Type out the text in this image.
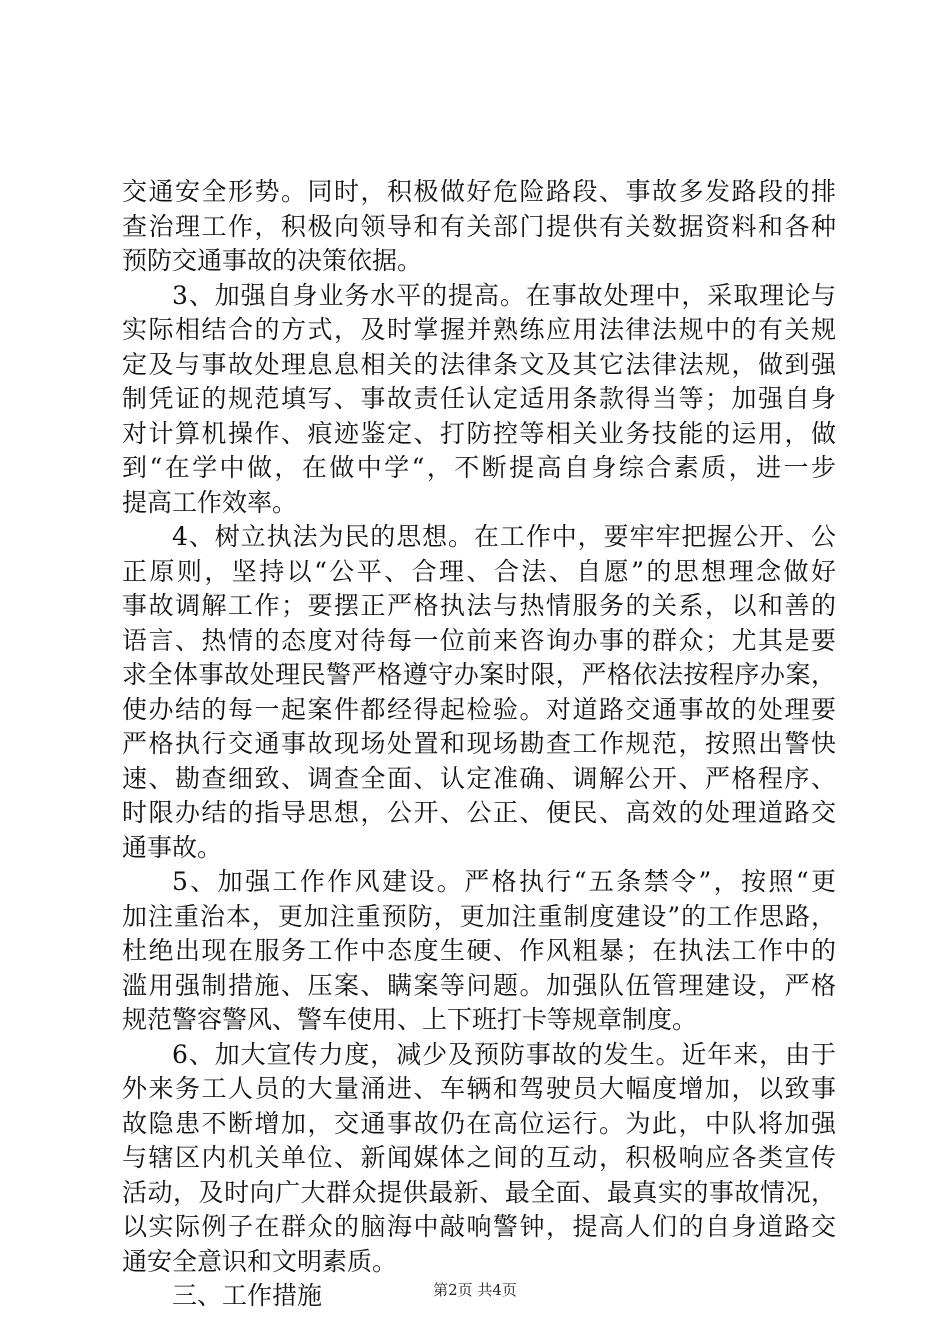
交通安全形势。同时，积极做好危险路段、事故多发路段的排
查治理工作，积极向领导和有关部门提供有关数据资料和各种
预防交通事故的决策依据。
3、加强自身业务水平的提高。在事故处理中，采取理论与
实际相结合的方式，及时掌握并熟练应用法律法规中的有关规
定及与事故处理息息相关的法律条文及其它法律法规，做到强
制凭证的规范填写、事故责任认定适用条款得当等；加强自身
对计算机操作、痕迹鉴定、打防控等相关业务技能的运用，做
到“在学中做，在做中学“，不断提高自身综合素质，进一步
提高工作效率。
4、树立执法为民的思想。在工作中，要牢牢把握公开、公
正原则，坚持以“公平、合理、合法、自愿”的思想理念做好
事故调解工作；要摆正严格执法与热情服务的关系，以和善的
语言、热情的态度对待每一位前来咨询办事的群众；尤其是要
求全体事故处理民警严格遵守办案时限，严格依法按程序办案，
使办结的每一起案件都经得起检验。对道路交通事故的处理要
严格执行交通事故现场处置和现场勘查工作规范，按照出警快
速、勘查细致、调查全面、认定准确、调解公开、严格程序、
时限办结的指导思想，公开、公正、便民、高效的处理道路交
通事故。
5、加强工作作风建设。严格执行“五条禁令”，按照“更
加注重治本，更加注重预防，更加注重制度建设”的工作思路，
杜绝出现在服务工作中态度生硬、作风粗暴；在执法工作中的
滥用强制措施、压案、瞒案等问题。加强队伍管理建设，严格
规范警容警风、警车使用、上下班打卡等规章制度。
6、加大宣传力度，减少及预防事故的发生。近年来，由于
外来务工人员的大量涌进、车辆和驾驶员大幅度增加，以致事
故隐患不断增加，交通事故仍在高位运行。为此，中队将加强
与辖区内机关单位、新闻媒体之间的互动，积极响应各类宣传
活动，及时向广大群众提供最新、最全面、最真实的事故情况，
以实际例子在群众的脑海中敲响警钟，提高人们的自身道路交
通安全意识和文明素质。
三、工作措施	第2页 共4页
